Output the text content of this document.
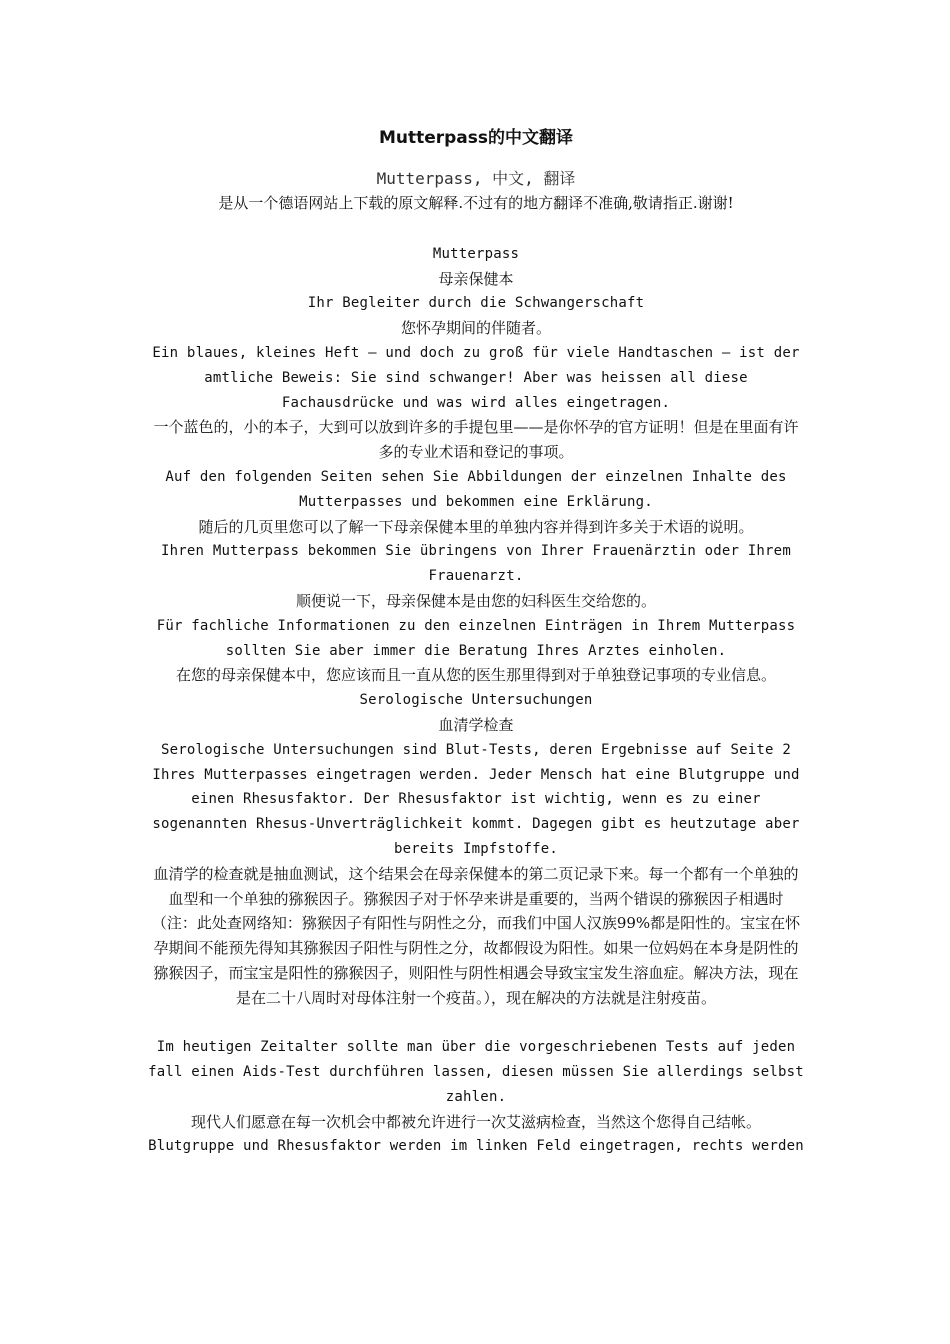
Mutterpass的中文翻译
Mutterpass, 中文, 翻译

是从一个德语网站上下载的原文解释.不过有的地方翻译不准确,敬请指正.谢谢!

Mutterpass

母亲保健本

Ihr Begleiter durch die Schwangerschaft

您怀孕期间的伴随者。

Ein blaues, kleines Heft – und doch zu groß für viele Handtaschen – ist der amtliche Beweis: Sie sind schwanger! Aber was heissen all diese Fachausdrücke und was wird alles eingetragen.

一个蓝色的，小的本子，大到可以放到许多的手提包里——是你怀孕的官方证明！但是在里面有许多的专业术语和登记的事项。

Auf den folgenden Seiten sehen Sie Abbildungen der einzelnen Inhalte des Mutterpasses und bekommen eine Erklärung.

随后的几页里您可以了解一下母亲保健本里的单独内容并得到许多关于术语的说明。

Ihren Mutterpass bekommen Sie übringens von Ihrer Frauenärztin oder Ihrem Frauenarzt.

顺便说一下，母亲保健本是由您的妇科医生交给您的。

Für fachliche Informationen zu den einzelnen Einträgen in Ihrem Mutterpass sollten Sie aber immer die Beratung Ihres Arztes einholen.

在您的母亲保健本中，您应该而且一直从您的医生那里得到对于单独登记事项的专业信息。

Serologische Untersuchungen

血清学检查

Serologische Untersuchungen sind Blut-Tests, deren Ergebnisse auf Seite 2 Ihres Mutterpasses eingetragen werden. Jeder Mensch hat eine Blutgruppe und einen Rhesusfaktor. Der Rhesusfaktor ist wichtig, wenn es zu einer sogenannten Rhesus-Unverträglichkeit kommt. Dagegen gibt es heutzutage aber bereits Impfstoffe.

血清学的检查就是抽血测试，这个结果会在母亲保健本的第二页记录下来。每一个都有一个单独的血型和一个单独的猕猴因子。猕猴因子对于怀孕来讲是重要的，当两个错误的猕猴因子相遇时（注：此处查网络知：猕猴因子有阳性与阴性之分，而我们中国人汉族99%都是阳性的。宝宝在怀孕期间不能预先得知其猕猴因子阳性与阴性之分，故都假设为阳性。如果一位妈妈在本身是阴性的猕猴因子，而宝宝是阳性的猕猴因子，则阳性与阴性相遇会导致宝宝发生溶血症。解决方法，现在是在二十八周时对母体注射一个疫苗。），现在解决的方法就是注射疫苗。

Im heutigen Zeitalter sollte man über die vorgeschriebenen Tests auf jeden fall einen Aids-Test durchführen lassen, diesen müssen Sie allerdings selbst zahlen.

现代人们愿意在每一次机会中都被允许进行一次艾滋病检查，当然这个您得自己结帐。

Blutgruppe und Rhesusfaktor werden im linken Feld eingetragen, rechts werden
